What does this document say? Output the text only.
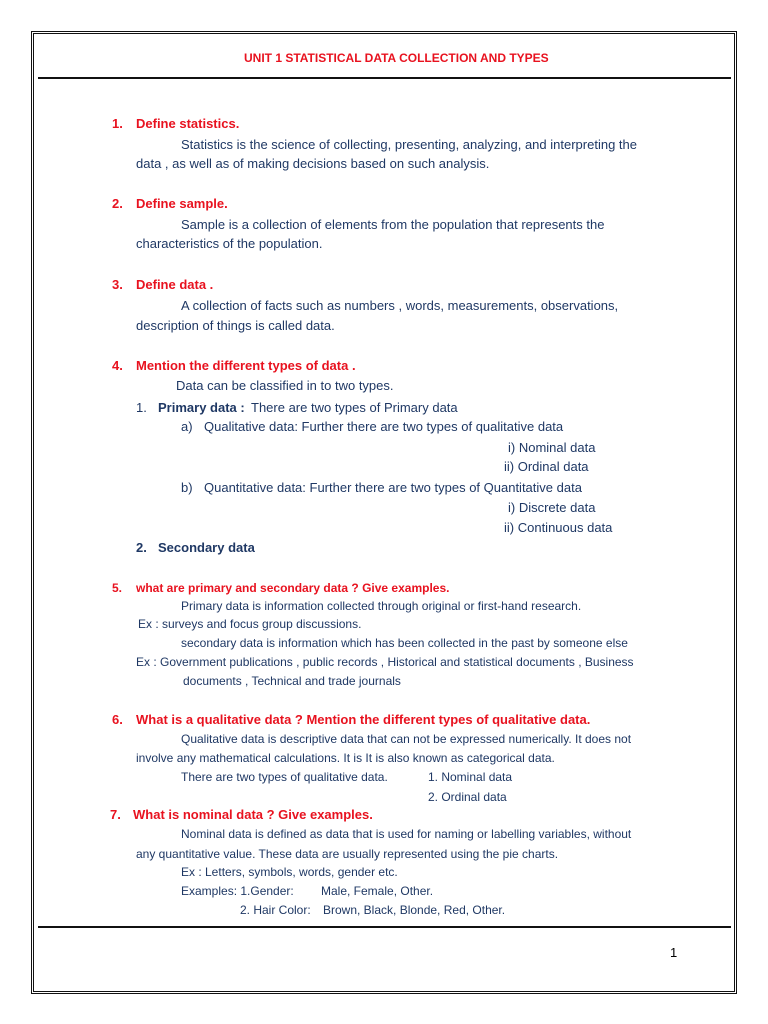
UNIT 1 STATISTICAL DATA COLLECTION AND TYPES
1. Define statistics.
Statistics is the science of collecting, presenting, analyzing, and interpreting the
data , as well as of making decisions based on such analysis.
2. Define sample.
Sample is a collection of elements from the population that represents the
characteristics of the population.
3. Define data .
A collection of facts such as numbers , words, measurements, observations,
description of things is called data.
4. Mention the different types of data .
Data can be classified in to two types.
1. Primary data : There are two types of Primary data
a) Qualitative data: Further there are two types of qualitative data
i) Nominal data
ii) Ordinal data
b) Quantitative data: Further there are two types of Quantitative data
i) Discrete data
ii) Continuous data
2. Secondary data
5. what are primary and secondary data ? Give examples.
Primary data is information collected through original or first-hand research.
Ex : surveys and focus group discussions.
secondary data is information which has been collected in the past by someone else
Ex : Government publications , public records , Historical and statistical documents , Business
documents , Technical and trade journals
6. What is a qualitative data ? Mention the different types of qualitative data.
Qualitative data is descriptive data that can not be expressed numerically. It does not
involve any mathematical calculations. It is It is also known as categorical data.
There are two types of qualitative data.	1. Nominal data
2. Ordinal data
7. What is nominal data ? Give examples.
Nominal data is defined as data that is used for naming or labelling variables, without
any quantitative value. These data are usually represented using the pie charts.
Ex : Letters, symbols, words, gender etc.
Examples: 1.Gender: Male, Female, Other.
2. Hair Color: Brown, Black, Blonde, Red, Other.
1
